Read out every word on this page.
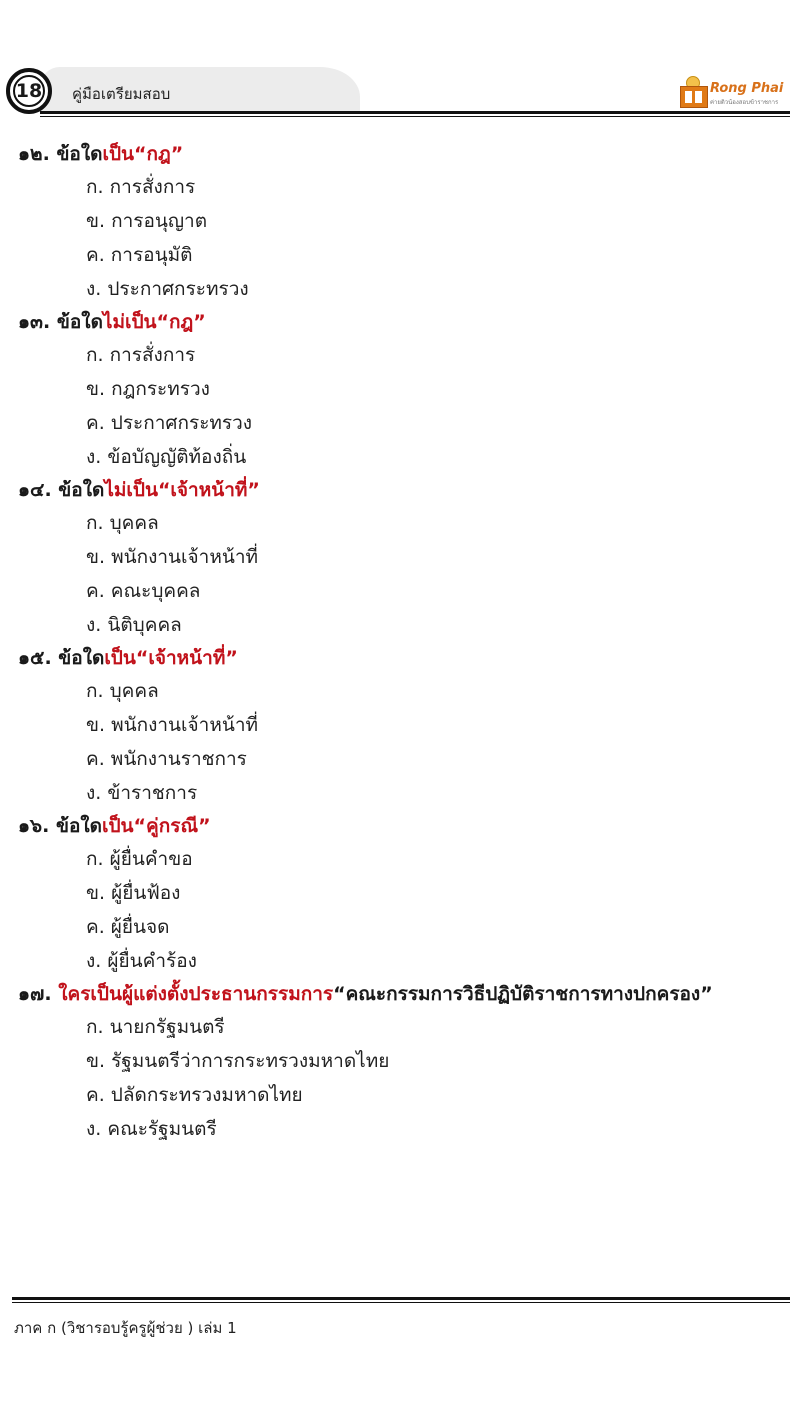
18 คู่มือเตรียมสอบ	Rong Phai
ค่ายติวน้องสอบข้าราชการ
๑๒. ข้อใดเป็น“กฎ”
ก. การสั่งการ
ข. การอนุญาต
ค. การอนุมัติ
ง. ประกาศกระทรวง
๑๓. ข้อใดไม่เป็น“กฎ”
ก. การสั่งการ
ข. กฎกระทรวง
ค. ประกาศกระทรวง
ง. ข้อบัญญัติท้องถิ่น
๑๔. ข้อใดไม่เป็น“เจ้าหน้าที่”
ก. บุคคล
ข. พนักงานเจ้าหน้าที่
ค. คณะบุคคล
ง. นิติบุคคล
๑๕. ข้อใดเป็น“เจ้าหน้าที่”
ก. บุคคล
ข. พนักงานเจ้าหน้าที่
ค. พนักงานราชการ
ง. ข้าราชการ
๑๖. ข้อใดเป็น“คู่กรณี”
ก. ผู้ยื่นคำขอ
ข. ผู้ยื่นฟ้อง
ค. ผู้ยื่นจด
ง. ผู้ยื่นคำร้อง
๑๗. ใครเป็นผู้แต่งตั้งประธานกรรมการ“คณะกรรมการวิธีปฏิบัติราชการทางปกครอง”
ก. นายกรัฐมนตรี
ข. รัฐมนตรีว่าการกระทรวงมหาดไทย
ค. ปลัดกระทรวงมหาดไทย
ง. คณะรัฐมนตรี
ภาค ก (วิชารอบรู้ครูผู้ช่วย ) เล่ม 1
